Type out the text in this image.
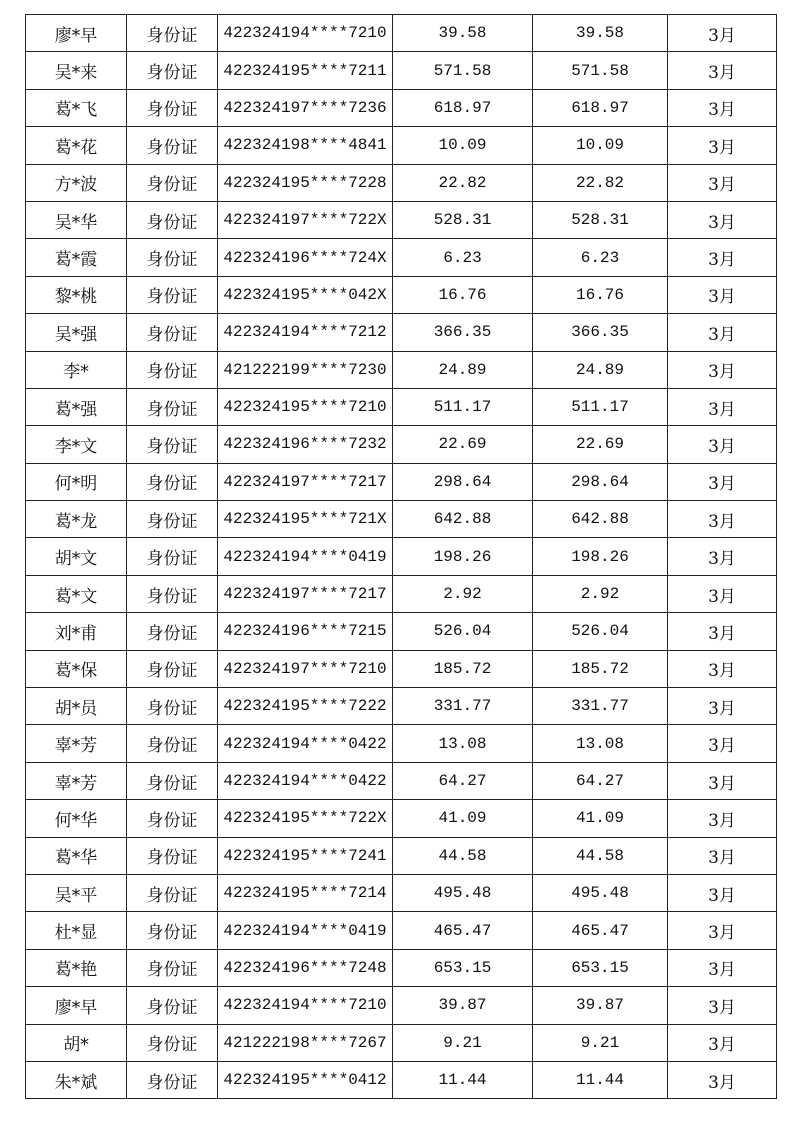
廖*早	身份证	422324194****7210	39.58	39.58	3月
吴*来	身份证	422324195****7211	571.58	571.58	3月
葛*飞	身份证	422324197****7236	618.97	618.97	3月
葛*花	身份证	422324198****4841	10.09	10.09	3月
方*波	身份证	422324195****7228	22.82	22.82	3月
吴*华	身份证	422324197****722X	528.31	528.31	3月
葛*霞	身份证	422324196****724X	6.23	6.23	3月
黎*桃	身份证	422324195****042X	16.76	16.76	3月
吴*强	身份证	422324194****7212	366.35	366.35	3月
李*	身份证	421222199****7230	24.89	24.89	3月
葛*强	身份证	422324195****7210	511.17	511.17	3月
李*文	身份证	422324196****7232	22.69	22.69	3月
何*明	身份证	422324197****7217	298.64	298.64	3月
葛*龙	身份证	422324195****721X	642.88	642.88	3月
胡*文	身份证	422324194****0419	198.26	198.26	3月
葛*文	身份证	422324197****7217	2.92	2.92	3月
刘*甫	身份证	422324196****7215	526.04	526.04	3月
葛*保	身份证	422324197****7210	185.72	185.72	3月
胡*员	身份证	422324195****7222	331.77	331.77	3月
辜*芳	身份证	422324194****0422	13.08	13.08	3月
辜*芳	身份证	422324194****0422	64.27	64.27	3月
何*华	身份证	422324195****722X	41.09	41.09	3月
葛*华	身份证	422324195****7241	44.58	44.58	3月
吴*平	身份证	422324195****7214	495.48	495.48	3月
杜*显	身份证	422324194****0419	465.47	465.47	3月
葛*艳	身份证	422324196****7248	653.15	653.15	3月
廖*早	身份证	422324194****7210	39.87	39.87	3月
胡*	身份证	421222198****7267	9.21	9.21	3月
朱*斌	身份证	422324195****0412	11.44	11.44	3月
